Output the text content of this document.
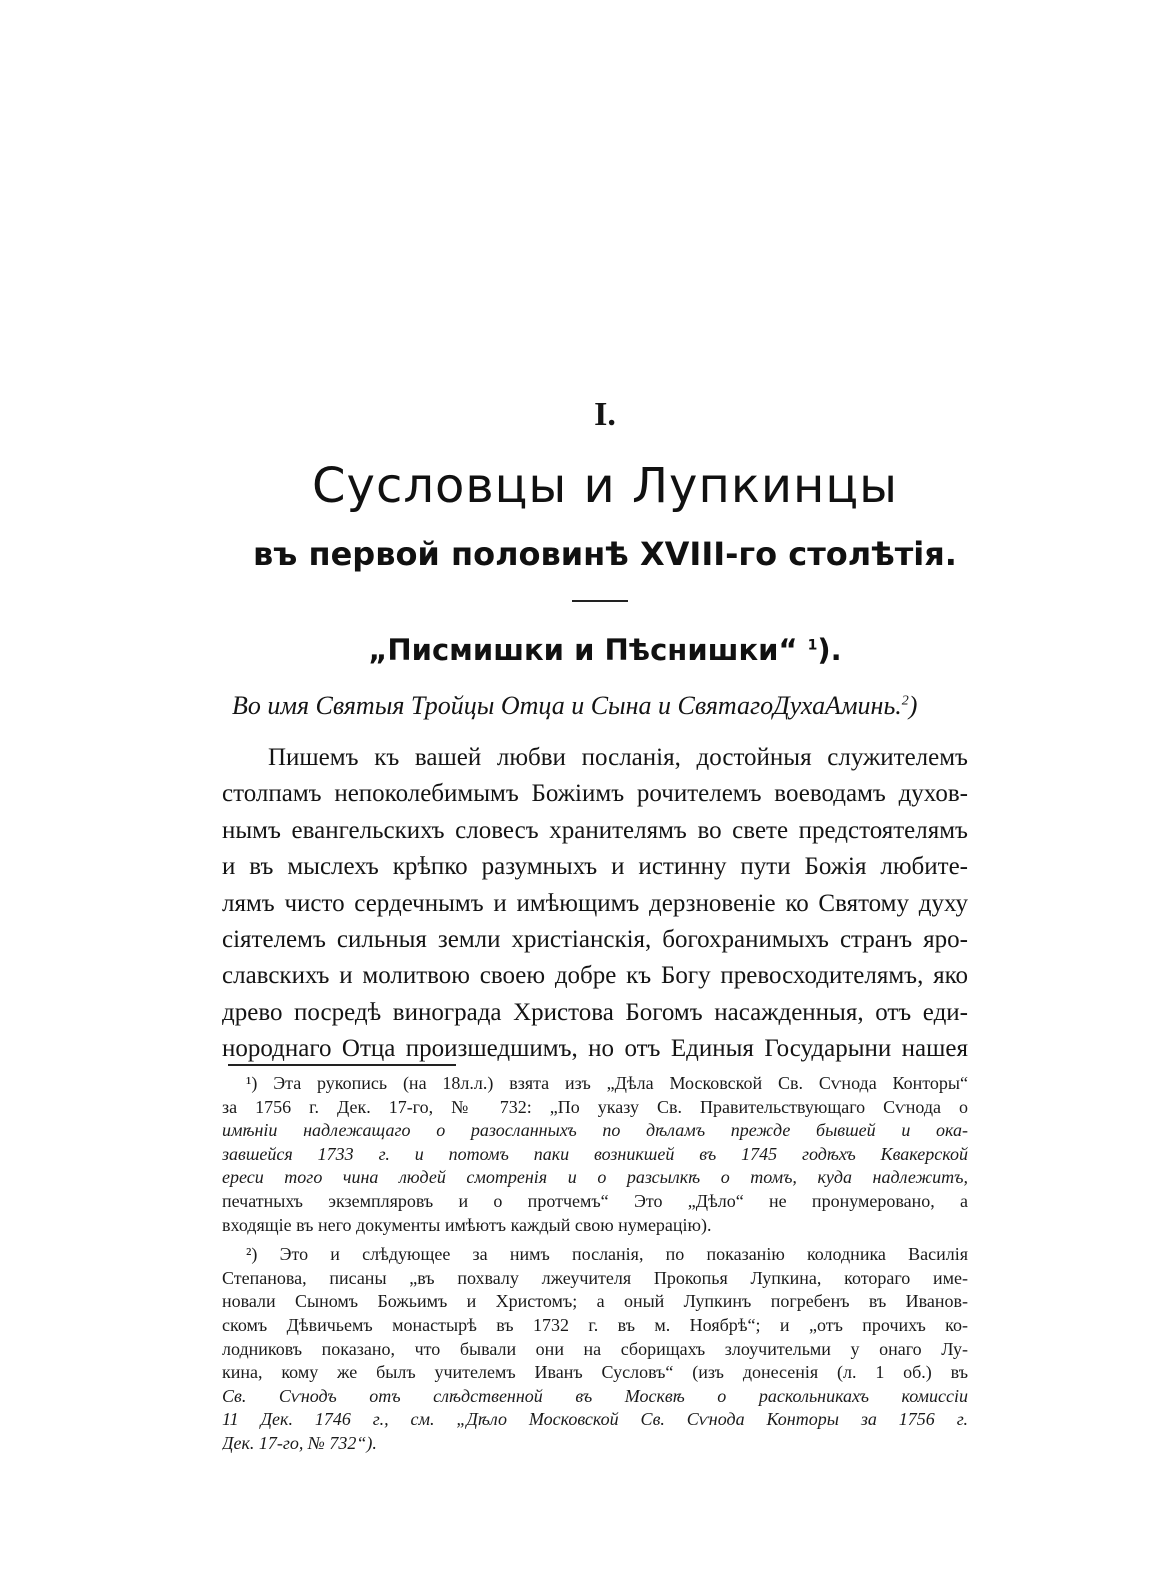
I.
Сусловцы и Лупкинцы
въ первой половинѣ XVIII-го столѣтія.
„Писмишки и Пѣснишки“ $^1$).
Во имя Святыя Тройцы Отца и Сына и СвятагоДухаАминь.$^2$)
Пишемъ къ вашей любви посланія, достойныя служителемъ
столпамъ непоколебимымъ Божіимъ рочителемъ воеводамъ духов-
нымъ евангельскихъ словесъ хранителямъ во свете предстоятелямъ
и въ мыслехъ крѣпко разумныхъ и истинну пути Божія любите-
лямъ чисто сердечнымъ и имѣющимъ дерзновеніе ко Святому духу
сіятелемъ сильныя земли христіанскія, богохранимыхъ странъ яро-
славскихъ и молитвою своею добре къ Богу превосходителямъ, яко
древо посредѣ винограда Христова Богомъ насажденныя, отъ еди-
нороднаго Отца произшедшимъ, но отъ Единыя Государыни нашея
¹) Эта рукопись (на 18л.л.) взята изъ „Дѣла Московской Св. Сѵнода Конторы“
за 1756 г. Дек. 17-го, № 732: „По указу Св. Правительствующаго Сѵнода о
имѣніи надлежащаго о разосланныхъ по дѣламъ прежде бывшей и ока-
завшейся 1733 г. и потомъ паки возникшей въ 1745 годѣхъ Квакерской
ереси того чина людей смотренія и о разсылкѣ о томъ, куда надлежитъ,
печатныхъ экземпляровъ и о протчемъ“ Это „Дѣло“ не пронумеровано, а
входящіе въ него документы имѣютъ каждый свою нумерацію).
²) Это и слѣдующее за нимъ посланія, по показанію колодника Василія
Степанова, писаны „въ похвалу лжеучителя Прокопья Лупкина, котораго име-
новали Сыномъ Божьимъ и Христомъ; а оный Лупкинъ погребенъ въ Иванов-
скомъ Дѣвичьемъ монастырѣ въ 1732 г. въ м. Ноябрѣ“; и „отъ прочихъ ко-
лодниковъ показано, что бывали они на сборищахъ злоучительми у онаго Лу-
кина, кому же былъ учителемъ Иванъ Сусловъ“ (изъ донесенія (л. 1 об.) въ
Св. Сѵнодъ отъ слѣдственной въ Москвѣ о раскольникахъ комиссіи
11 Дек. 1746 г., см. „Дѣло Московской Св. Сѵнода Конторы за 1756 г.
Дек. 17-го, № 732“).
